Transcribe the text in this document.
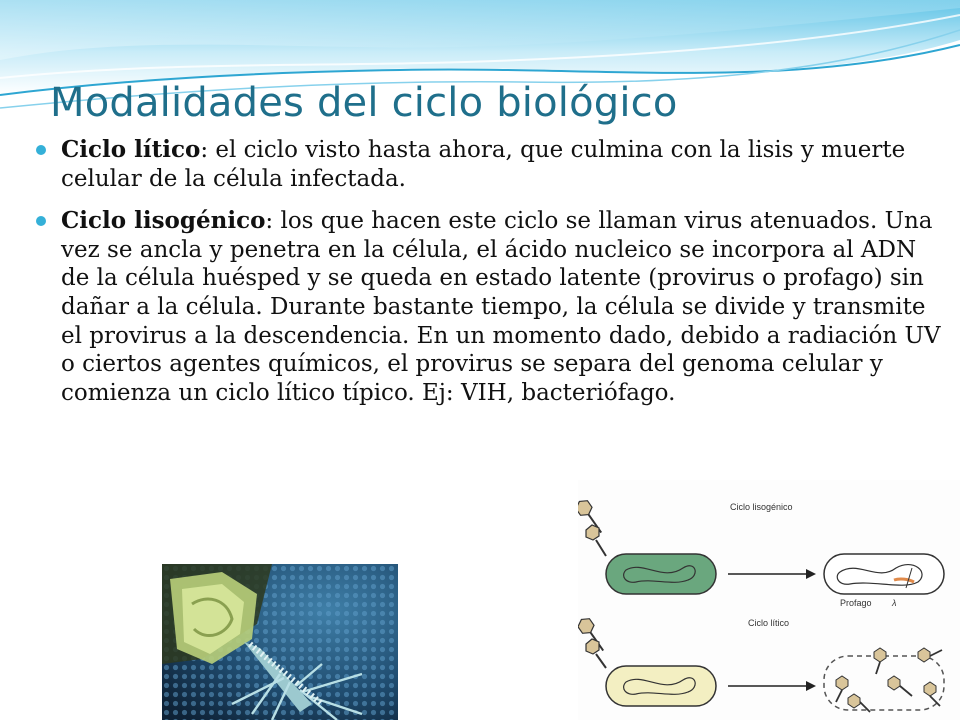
Modalidades del ciclo biológico
Ciclo lítico: el ciclo visto hasta ahora, que culmina con la lisis y muerte celular de la célula infectada.
Ciclo lisogénico: los que hacen este ciclo se llaman virus atenuados. Una vez se ancla y penetra en la célula, el ácido nucleico se incorpora al ADN de la célula huésped y se queda en estado latente (provirus o profago) sin dañar a la célula. Durante bastante tiempo, la célula se divide y transmite el provirus a la descendencia. En un momento dado, debido a radiación UV o ciertos agentes químicos, el provirus se separa del genoma celular y comienza un ciclo lítico típico. Ej: VIH, bacteriófago.
Ciclo lisogénico
Profago λ
Ciclo lítico
